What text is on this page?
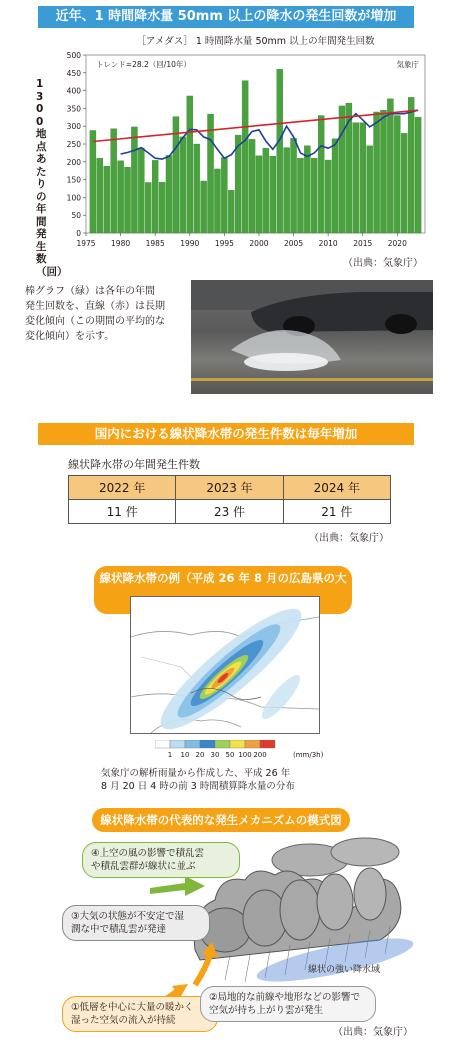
近年、1 時間降水量 50mm 以上の降水の発生回数が増加
［アメダス］ 1 時間降水量 50mm 以上の年間発生回数
0
50
100
150
200
250
300
350
400
450
500
1975 1980 1985 1990 1995 2000 2005 2010 2015 2020
トレンド=28.2（回/10年）	気象庁
1300 地点あたりの年間発生数（回）
（出典：気象庁）
棒グラフ（緑）は各年の年間
発生回数を、直線（赤）は長期
変化傾向（この期間の平均的な
変化傾向）を示す。
国内における線状降水帯の発生件数は毎年増加
線状降水帯の年間発生件数
2022 年	2023 年	2024 年
11 件	23 件	21 件
（出典：気象庁）
線状降水帯の例（平成 26 年 8 月の広島県の大
1 10 20 30 50 100 200	(mm/3h)
気象庁の解析雨量から作成した、平成 26 年
8 月 20 日 4 時の前 3 時間積算降水量の分布
線状降水帯の代表的な発生メカニズムの模式図
④上空の風の影響で積乱雲
や積乱雲群が線状に並ぶ
③大気の状態が不安定で湿
潤な中で積乱雲が発達
線状の強い降水域
①低層を中心に大量の暖かく
湿った空気の流入が持続
②局地的な前線や地形などの影響で
空気が持ち上がり雲が発生
（出典：気象庁）
